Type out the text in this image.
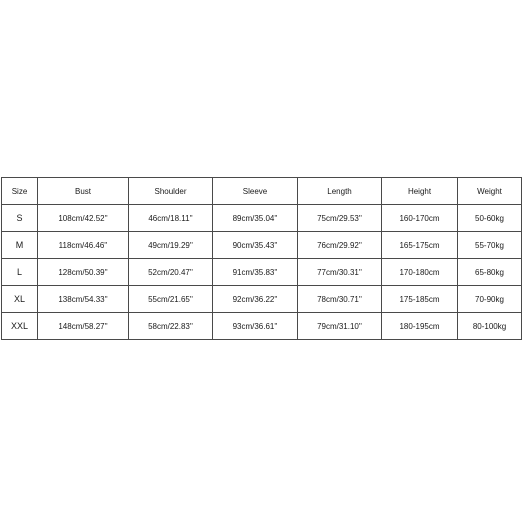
Size	Bust	Shoulder	Sleeve	Length	Height	Weight
S	108cm/42.52''	46cm/18.11''	89cm/35.04''	75cm/29.53''	160-170cm	50-60kg
M	118cm/46.46''	49cm/19.29''	90cm/35.43''	76cm/29.92''	165-175cm	55-70kg
L	128cm/50.39''	52cm/20.47''	91cm/35.83''	77cm/30.31''	170-180cm	65-80kg
XL	138cm/54.33''	55cm/21.65''	92cm/36.22''	78cm/30.71''	175-185cm	70-90kg
XXL	148cm/58.27''	58cm/22.83''	93cm/36.61''	79cm/31.10''	180-195cm	80-100kg
